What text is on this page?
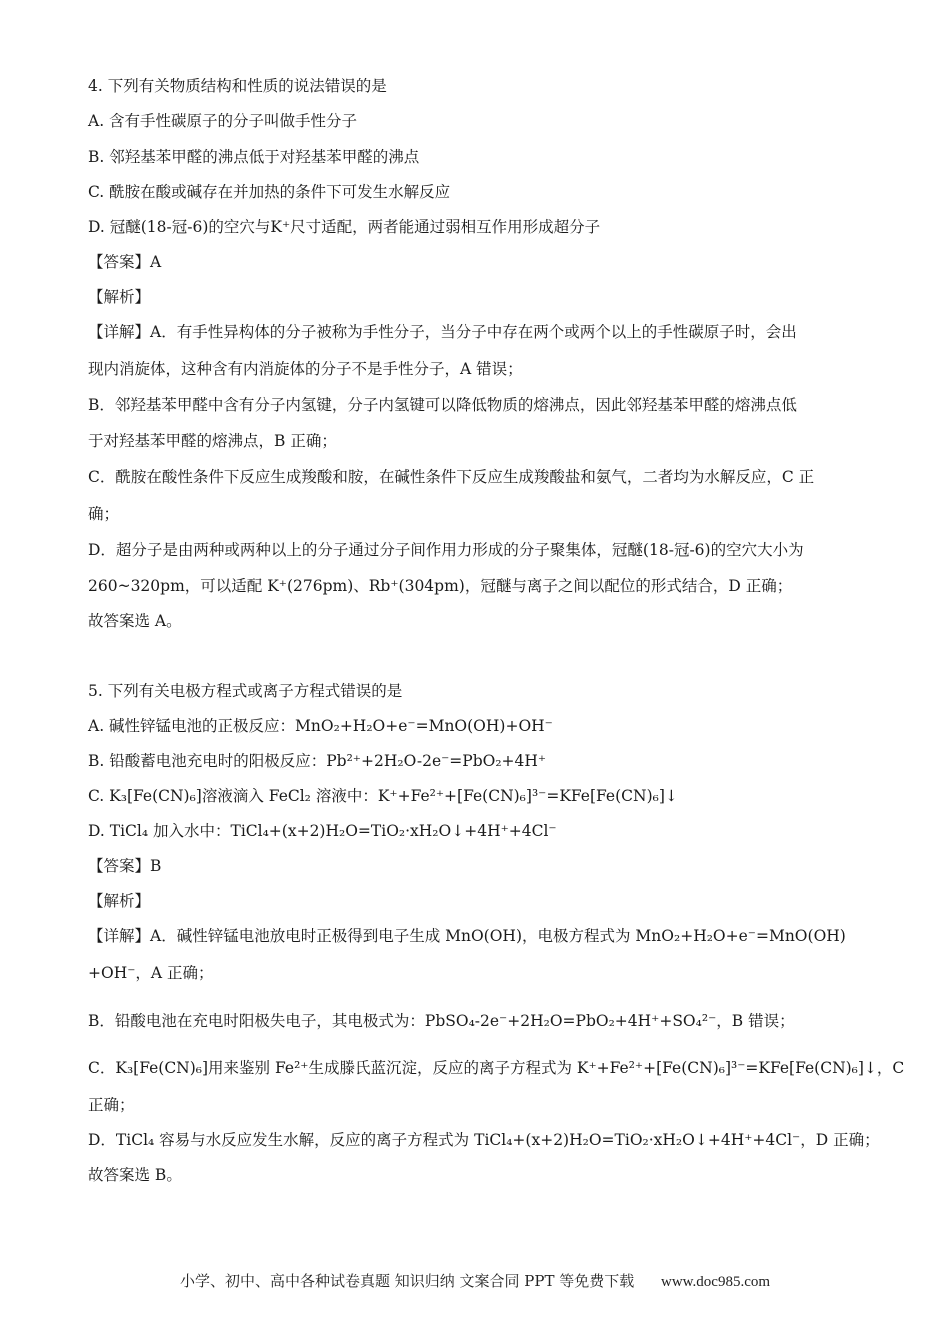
4. 下列有关物质结构和性质的说法错误的是
A. 含有手性碳原子的分子叫做手性分子
B. 邻羟基苯甲醛的沸点低于对羟基苯甲醛的沸点
C. 酰胺在酸或碱存在并加热的条件下可发生水解反应
D. 冠醚(18-冠-6)的空穴与K⁺尺寸适配，两者能通过弱相互作用形成超分子
【答案】A
【解析】
【详解】A．有手性异构体的分子被称为手性分子，当分子中存在两个或两个以上的手性碳原子时，会出
现内消旋体，这种含有内消旋体的分子不是手性分子，A 错误；
B．邻羟基苯甲醛中含有分子内氢键，分子内氢键可以降低物质的熔沸点，因此邻羟基苯甲醛的熔沸点低
于对羟基苯甲醛的熔沸点，B 正确；
C．酰胺在酸性条件下反应生成羧酸和胺，在碱性条件下反应生成羧酸盐和氨气，二者均为水解反应，C 正
确；
D．超分子是由两种或两种以上的分子通过分子间作用力形成的分子聚集体，冠醚(18-冠-6)的空穴大小为
260~320pm，可以适配 K⁺(276pm)、Rb⁺(304pm)，冠醚与离子之间以配位的形式结合，D 正确；
故答案选 A。
5. 下列有关电极方程式或离子方程式错误的是
A. 碱性锌锰电池的正极反应：MnO₂+H₂O+e⁻=MnO(OH)+OH⁻
B. 铅酸蓄电池充电时的阳极反应：Pb²⁺+2H₂O-2e⁻=PbO₂+4H⁺
C. K₃[Fe(CN)₆]溶液滴入 FeCl₂ 溶液中：K⁺+Fe²⁺+[Fe(CN)₆]³⁻=KFe[Fe(CN)₆]↓
D. TiCl₄ 加入水中：TiCl₄+(x+2)H₂O=TiO₂·xH₂O↓+4H⁺+4Cl⁻
【答案】B
【解析】
【详解】A．碱性锌锰电池放电时正极得到电子生成 MnO(OH)，电极方程式为 MnO₂+H₂O+e⁻=MnO(OH)
+OH⁻，A 正确；
B．铅酸电池在充电时阳极失电子，其电极式为：PbSO₄-2e⁻+2H₂O=PbO₂+4H⁺+SO₄²⁻，B 错误；
C．K₃[Fe(CN)₆]用来鉴别 Fe²⁺生成滕氏蓝沉淀，反应的离子方程式为 K⁺+Fe²⁺+[Fe(CN)₆]³⁻=KFe[Fe(CN)₆]↓，C
正确；
D．TiCl₄ 容易与水反应发生水解，反应的离子方程式为 TiCl₄+(x+2)H₂O=TiO₂·xH₂O↓+4H⁺+4Cl⁻，D 正确；
故答案选 B。
小学、初中、高中各种试卷真题 知识归纳 文案合同 PPT 等免费下载 www.doc985.com
